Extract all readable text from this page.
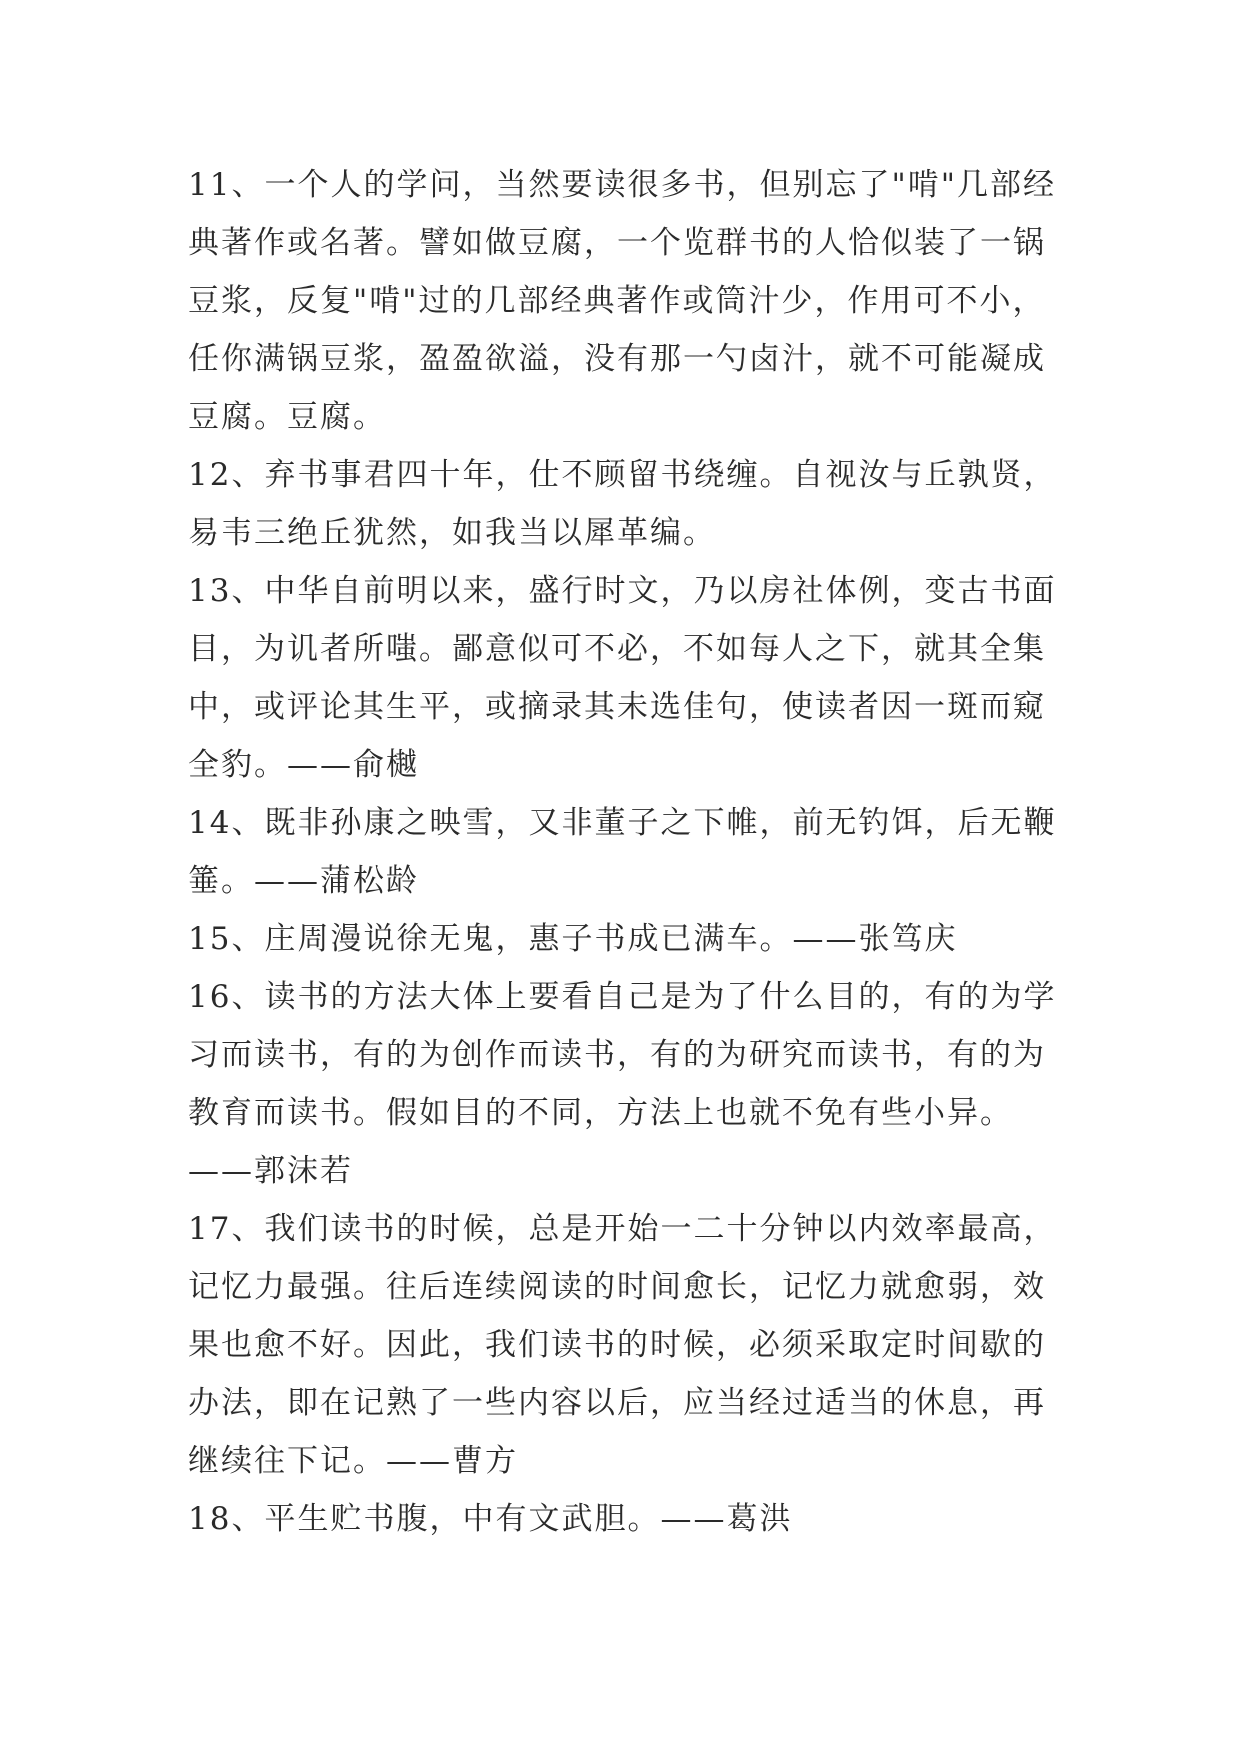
11、一个人的学问，当然要读很多书，但别忘了"啃"几部经
典著作或名著。譬如做豆腐，一个览群书的人恰似装了一锅
豆浆，反复"啃"过的几部经典著作或筒汁少，作用可不小，
任你满锅豆浆，盈盈欲溢，没有那一勺卤汁，就不可能凝成
豆腐。豆腐。
12、弃书事君四十年，仕不顾留书绕缠。自视汝与丘孰贤，
易韦三绝丘犹然，如我当以犀革编。
13、中华自前明以来，盛行时文，乃以房社体例，变古书面
目，为讥者所嗤。鄙意似可不必，不如每人之下，就其全集
中，或评论其生平，或摘录其未选佳句，使读者因一斑而窥
全豹。——俞樾
14、既非孙康之映雪，又非董子之下帷，前无钓饵，后无鞭
箠。——蒲松龄
15、庄周漫说徐无鬼，惠子书成已满车。——张笃庆
16、读书的方法大体上要看自己是为了什么目的，有的为学
习而读书，有的为创作而读书，有的为研究而读书，有的为
教育而读书。假如目的不同，方法上也就不免有些小异。
——郭沫若
17、我们读书的时候，总是开始一二十分钟以内效率最高，
记忆力最强。往后连续阅读的时间愈长，记忆力就愈弱，效
果也愈不好。因此，我们读书的时候，必须采取定时间歇的
办法，即在记熟了一些内容以后，应当经过适当的休息，再
继续往下记。——曹方
18、平生贮书腹，中有文武胆。——葛洪
